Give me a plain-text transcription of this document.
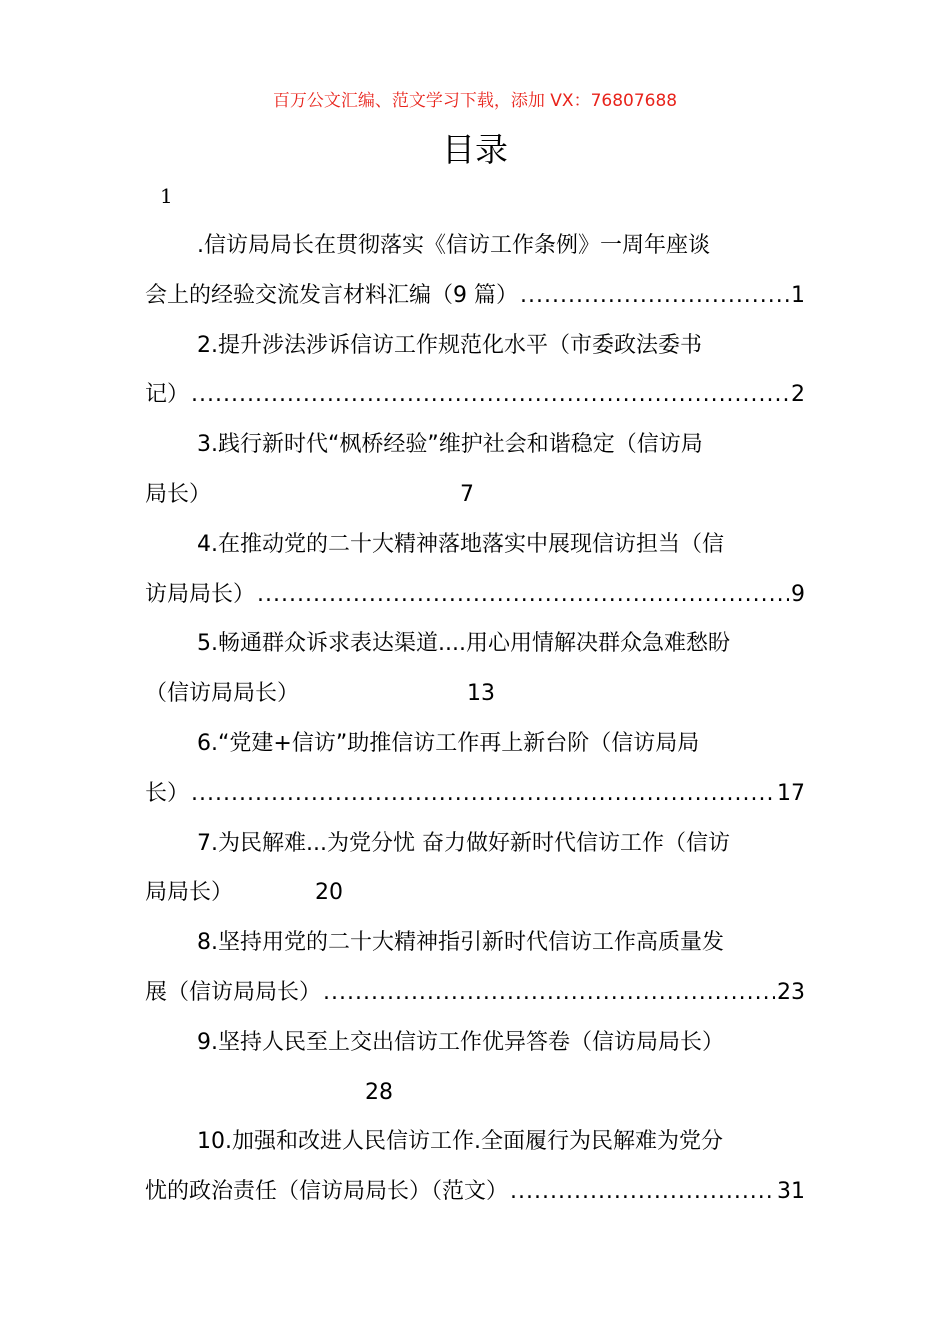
百万公文汇编、范文学习下载，添加 VX：76807688
目录
1
.信访局局长在贯彻落实《信访工作条例》一周年座谈
会上的经验交流发言材料汇编（9 篇） .....	1
2.提升涉法涉诉信访工作规范化水平（市委政法委书
记） .....	2
3.践行新时代“枫桥经验”维护社会和谐稳定（信访局
局长）	7
4.在推动党的二十大精神落地落实中展现信访担当（信
访局局长） .....	9
5.畅通群众诉求表达渠道....用心用情解决群众急难愁盼
（信访局局长）	13
6.“党建+信访”助推信访工作再上新台阶（信访局局
长） .....	17
7.为民解难...为党分忧 奋力做好新时代信访工作（信访
局局长）	20
8.坚持用党的二十大精神指引新时代信访工作高质量发
展（信访局局长） .....	23
9.坚持人民至上交出信访工作优异答卷（信访局局长）
28
10.加强和改进人民信访工作.全面履行为民解难为党分
忧的政治责任（信访局局长）（范文） .....	31
